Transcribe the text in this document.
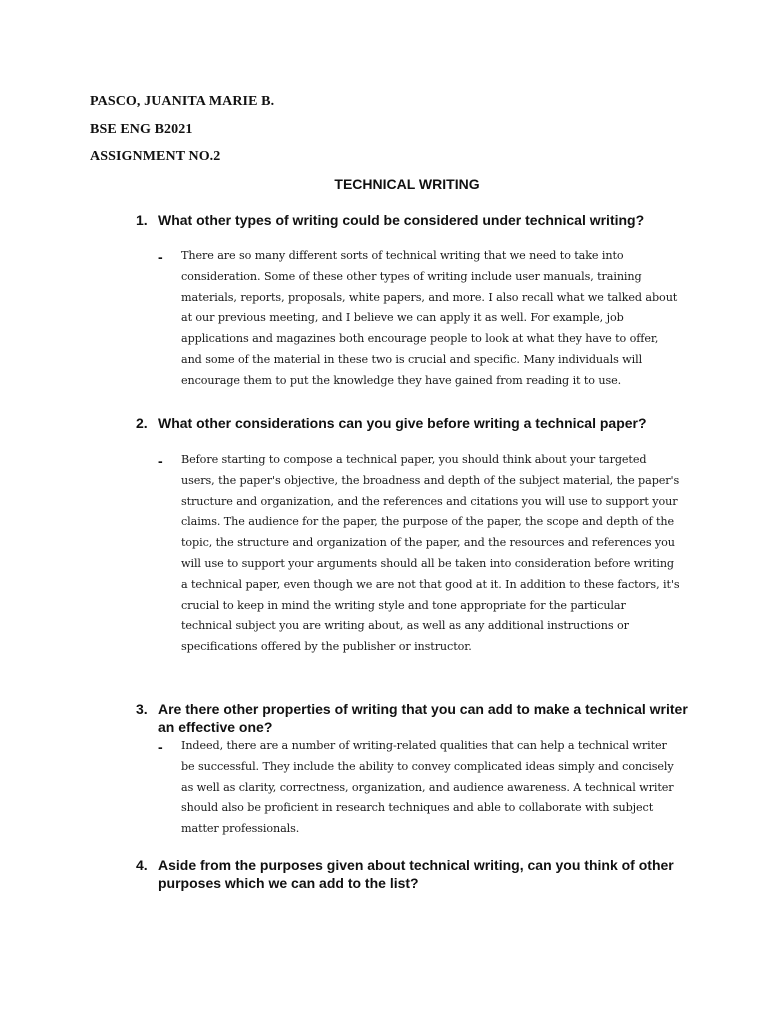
PASCO, JUANITA MARIE B.
BSE ENG B2021
ASSIGNMENT NO.2
TECHNICAL WRITING
1. What other types of writing could be considered under technical writing?
- There are so many different sorts of technical writing that we need to take into consideration. Some of these other types of writing include user manuals, training materials, reports, proposals, white papers, and more. I also recall what we talked about at our previous meeting, and I believe we can apply it as well. For example, job applications and magazines both encourage people to look at what they have to offer, and some of the material in these two is crucial and specific. Many individuals will encourage them to put the knowledge they have gained from reading it to use.
2. What other considerations can you give before writing a technical paper?
- Before starting to compose a technical paper, you should think about your targeted users, the paper's objective, the broadness and depth of the subject material, the paper's structure and organization, and the references and citations you will use to support your claims. The audience for the paper, the purpose of the paper, the scope and depth of the topic, the structure and organization of the paper, and the resources and references you will use to support your arguments should all be taken into consideration before writing a technical paper, even though we are not that good at it. In addition to these factors, it's crucial to keep in mind the writing style and tone appropriate for the particular technical subject you are writing about, as well as any additional instructions or specifications offered by the publisher or instructor.
3. Are there other properties of writing that you can add to make a technical writer an effective one?
- Indeed, there are a number of writing-related qualities that can help a technical writer be successful. They include the ability to convey complicated ideas simply and concisely as well as clarity, correctness, organization, and audience awareness. A technical writer should also be proficient in research techniques and able to collaborate with subject matter professionals.
4. Aside from the purposes given about technical writing, can you think of other purposes which we can add to the list?
